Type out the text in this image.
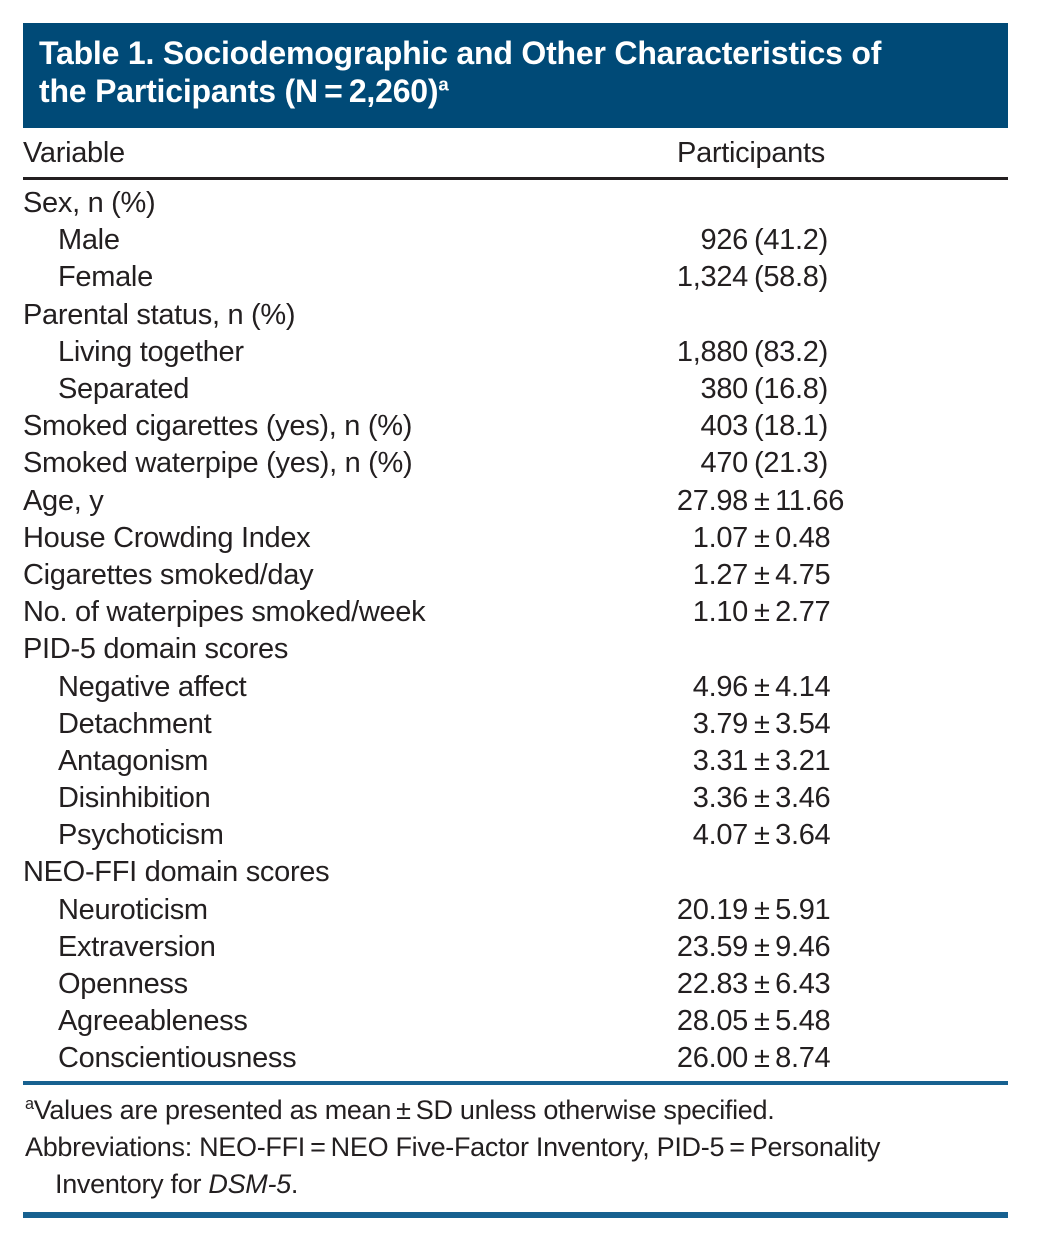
Table 1. Sociodemographic and Other Characteristics of
the Participants (N = 2,260)$^a$
Variable	Participants
Sex, n (%)
Male	926 (41.2)
Female	1,324 (58.8)
Parental status, n (%)
Living together	1,880 (83.2)
Separated	380 (16.8)
Smoked cigarettes (yes), n (%)	403 (18.1)
Smoked waterpipe (yes), n (%)	470 (21.3)
Age, y	27.98 ± 11.66
House Crowding Index	1.07 ± 0.48
Cigarettes smoked/day	1.27 ± 4.75
No. of waterpipes smoked/week	1.10 ± 2.77
PID-5 domain scores
Negative affect	4.96 ± 4.14
Detachment	3.79 ± 3.54
Antagonism	3.31 ± 3.21
Disinhibition	3.36 ± 3.46
Psychoticism	4.07 ± 3.64
NEO-FFI domain scores
Neuroticism	20.19 ± 5.91
Extraversion	23.59 ± 9.46
Openness	22.83 ± 6.43
Agreeableness	28.05 ± 5.48
Conscientiousness	26.00 ± 8.74
$^a$Values are presented as mean ± SD unless otherwise specified.
Abbreviations: NEO-FFI = NEO Five-Factor Inventory, PID-5 = Personality
Inventory for DSM-5.
